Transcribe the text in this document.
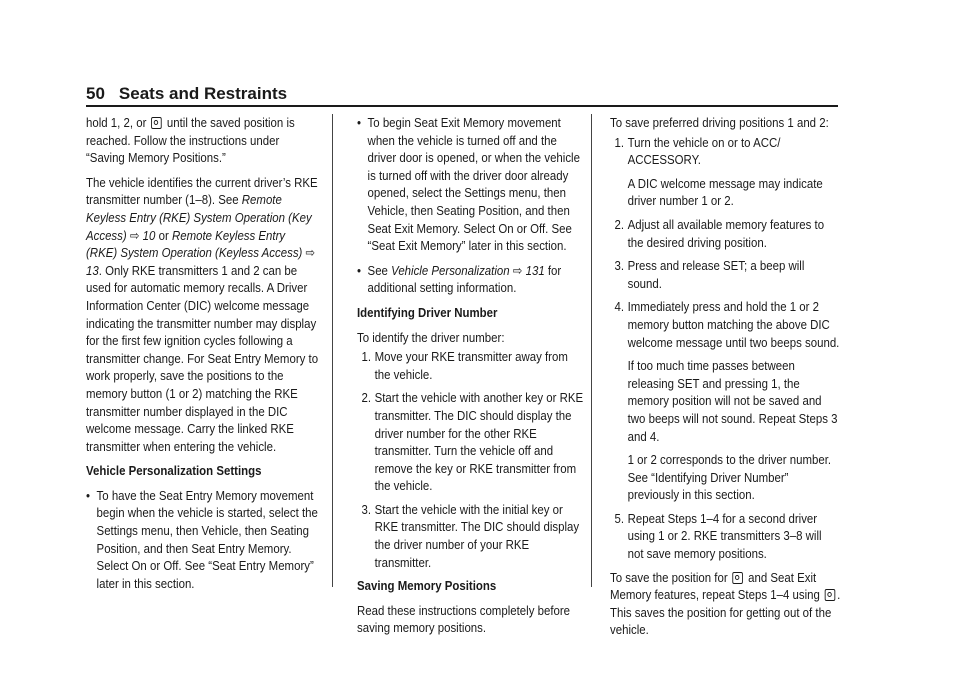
50 Seats and Restraints

hold 1, 2, or until the saved position is reached. Follow the instructions under “Saving Memory Positions.”

The vehicle identifies the current driver’s RKE transmitter number (1–8). See Remote Keyless Entry (RKE) System Operation (Key Access) ⇨ 10 or Remote Keyless Entry (RKE) System Operation (Keyless Access) ⇨ 13. Only RKE transmitters 1 and 2 can be used for automatic memory recalls. A Driver Information Center (DIC) welcome message indicating the transmitter number may display for the first few ignition cycles following a transmitter change. For Seat Entry Memory to work properly, save the positions to the memory button (1 or 2) matching the RKE transmitter number displayed in the DIC welcome message. Carry the linked RKE transmitter when entering the vehicle.

Vehicle Personalization Settings

• To have the Seat Entry Memory movement begin when the vehicle is started, select the Settings menu, then Vehicle, then Seating Position, and then Seat Entry Memory. Select On or Off. See “Seat Entry Memory” later in this section.
• To begin Seat Exit Memory movement when the vehicle is turned off and the driver door is opened, or when the vehicle is turned off with the driver door already opened, select the Settings menu, then Vehicle, then Seating Position, and then Seat Exit Memory. Select On or Off. See “Seat Exit Memory” later in this section.
• See Vehicle Personalization ⇨ 131 for additional setting information.

Identifying Driver Number

To identify the driver number:

1. Move your RKE transmitter away from the vehicle.
2. Start the vehicle with another key or RKE transmitter. The DIC should display the driver number for the other RKE transmitter. Turn the vehicle off and remove the key or RKE transmitter from the vehicle.
3. Start the vehicle with the initial key or RKE transmitter. The DIC should display the driver number of your RKE transmitter.

Saving Memory Positions

Read these instructions completely before saving memory positions.

To save preferred driving positions 1 and 2:

1. Turn the vehicle on or to ACC/ ACCESSORY.
A DIC welcome message may indicate driver number 1 or 2.
2. Adjust all available memory features to the desired driving position.
3. Press and release SET; a beep will sound.
4. Immediately press and hold the 1 or 2 memory button matching the above DIC welcome message until two beeps sound.
If too much time passes between releasing SET and pressing 1, the memory position will not be saved and two beeps will not sound. Repeat Steps 3 and 4.
1 or 2 corresponds to the driver number. See “Identifying Driver Number” previously in this section.
5. Repeat Steps 1–4 for a second driver using 1 or 2. RKE transmitters 3–8 will not save memory positions.

To save the position for and Seat Exit Memory features, repeat Steps 1–4 using . This saves the position for getting out of the vehicle.
